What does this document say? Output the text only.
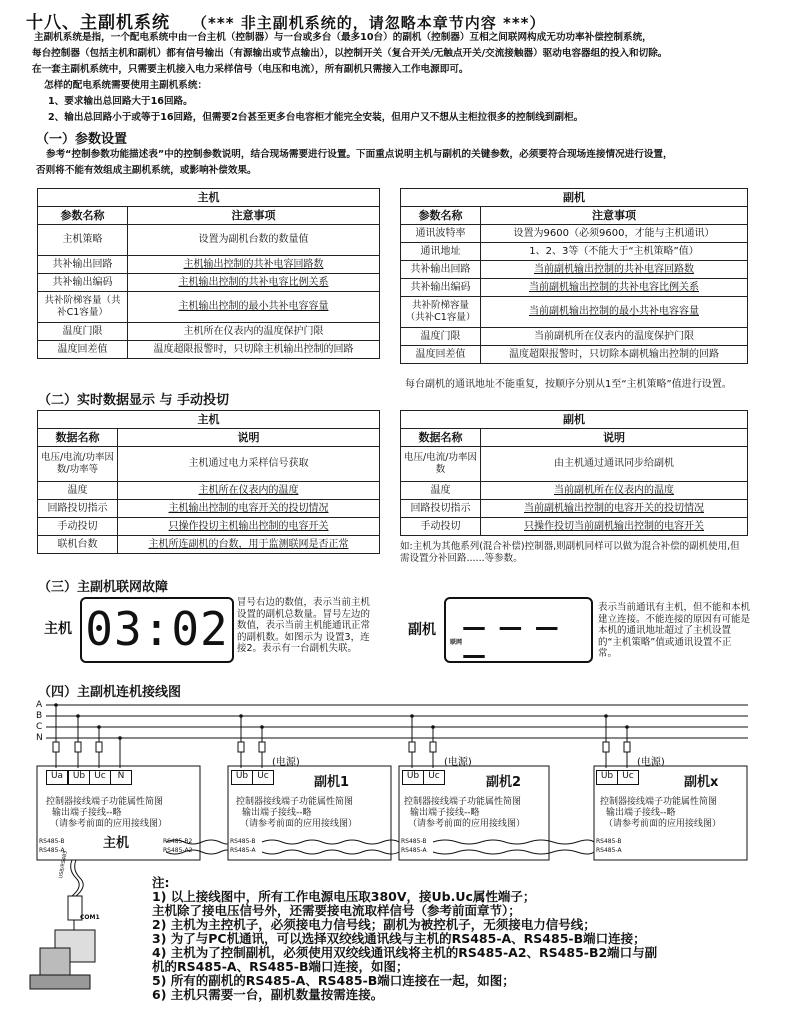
十八、主副机系统 （*** 非主副机系统的，请忽略本章节内容 ***）
主副机系统是指，一个配电系统中由一台主机（控制器）与一台或多台（最多10台）的副机（控制器）互相之间联网构成无功功率补偿控制系统，
每台控制器（包括主机和副机）都有信号输出（有源输出或节点输出），以控制开关（复合开关/无触点开关/交流接触器）驱动电容器组的投入和切除。
在一套主副机系统中，只需要主机接入电力采样信号（电压和电流），所有副机只需接入工作电源即可。
怎样的配电系统需要使用主副机系统：
1、要求输出总回路大于16回路。
2、输出总回路小于或等于16回路，但需要2台甚至更多台电容柜才能完全安装，但用户又不想从主柜拉很多的控制线到副柜。
（一）参数设置
参考“控制参数功能描述表”中的控制参数说明，结合现场需要进行设置。下面重点说明主机与副机的关键参数，必须要符合现场连接情况进行设置，
否则将不能有效组成主副机系统，或影响补偿效果。
主机	
参数名称	注意事项
主机策略	设置为副机台数的数量值
共补输出回路	主机输出控制的共补电容回路数
共补输出编码	主机输出控制的共补电容比例关系
共补阶梯容量（共补C1容量）	主机输出控制的最小共补电容容量
温度门限	主机所在仪表内的温度保护门限
温度回差值	温度超限报警时，只切除主机输出控制的回路
副机	
参数名称	注意事项
通讯波特率	设置为9600（必须9600，才能与主机通讯）
通讯地址	1、2、3等（不能大于“主机策略”值）
共补输出回路	当前副机输出控制的共补电容回路数
共补输出编码	当前副机输出控制的共补电容比例关系
共补阶梯容量（共补C1容量）	当前副机输出控制的最小共补电容容量
温度门限	当前副机所在仪表内的温度保护门限
温度回差值	温度超限报警时，只切除本副机输出控制的回路
每台副机的通讯地址不能重复，按顺序分别从1至“主机策略”值进行设置。
（二）实时数据显示 与 手动投切
主机	
数据名称	说明
电压/电流/功率因数/功率等	主机通过电力采样信号获取
温度	主机所在仪表内的温度
回路投切指示	主机输出控制的电容开关的投切情况
手动投切	只操作投切主机输出控制的电容开关
联机台数	主机所连副机的台数，用于监测联网是否正常
副机	
数据名称	说明
电压/电流/功率因数	由主机通过通讯同步给副机
温度	当前副机所在仪表内的温度
回路投切指示	当前副机输出控制的电容开关的投切情况
手动投切	只操作投切当前副机输出控制的电容开关
如:主机为其他系列(混合补偿)控制器,则副机同样可以做为混合补偿的副机使用,但需设置分补回路......等参数。
（三）主副机联网故障
主机 03:02 冒号右边的数值，表示当前主机设置的副机总数量。冒号左边的数值，表示当前主机能通讯正常的副机数。如图示为 设置3，连接2。表示有一台副机失联。
副机
联网
— — — —
表示当前通讯有主机，但不能和本机建立连接。不能连接的原因有可能是本机的通讯地址超过了主机设置的“主机策略”值或通讯设置不正常。
（四）主副机连机接线图
A
B
C
N
Ua	Ub	Uc	N	Ub	Uc	Ub	Uc	Ub	Uc
(电源)	(电源)	(电源)
副机1	副机2	副机x
主机
控制器接线端子功能属性简图
输出端子接线--略
（请参考前面的应用接线图）
RS485-B
RS485-A
RS485-B2
RS485-A2
控制器接线端子功能属性简图
输出端子接线--略
（请参考前面的应用接线图）
RS485-B
RS485-A
控制器接线端子功能属性简图
输出端子接线--略
（请参考前面的应用接线图）
RS485-B
RS485-A
控制器接线端子功能属性简图
输出端子接线--略
（请参考前面的应用接线图）
RS485-B
RS485-A
USB/RS485
COM1
注:
1) 以上接线图中，所有工作电源电压取380V，接Ub.Uc属性端子；
主机除了接电压信号外，还需要接电流取样信号（参考前面章节）；
2) 主机为主控机子，必须接电力信号线；副机为被控机子，无须接电力信号线；
3) 为了与PC机通讯，可以选择双绞线通讯线与主机的RS485-A、RS485-B端口连接；
4) 主机为了控制副机，必须使用双绞线通讯线将主机的RS485-A2、RS485-B2端口与副
机的RS485-A、RS485-B端口连接，如图；
5) 所有的副机的RS485-A、RS485-B端口连接在一起，如图；
6) 主机只需要一台，副机数量按需连接。
